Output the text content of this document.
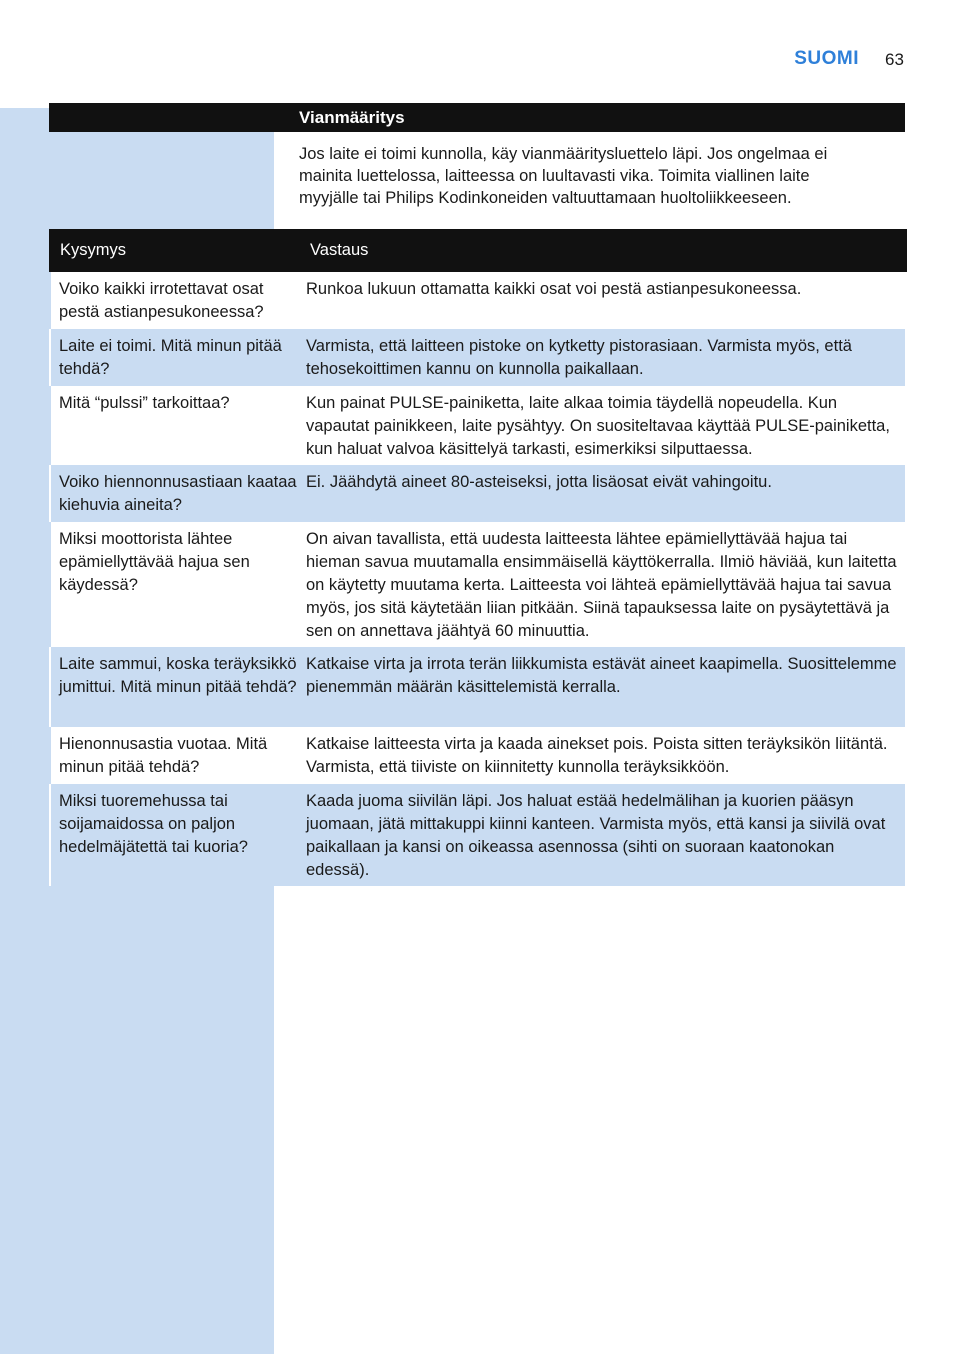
SUOMI 63
Vianmääritys
Jos laite ei toimi kunnolla, käy vianmääritysluettelo läpi. Jos ongelmaa ei mainita luettelossa, laitteessa on luultavasti vika. Toimita viallinen laite myyjälle tai Philips Kodinkoneiden valtuuttamaan huoltoliikkeeseen.
Kysymys	Vastaus
Voiko kaikki irrotettavat osat pestä astianpesukoneessa?
Runkoa lukuun ottamatta kaikki osat voi pestä astianpesukoneessa.
Laite ei toimi. Mitä minun pitää tehdä?
Varmista, että laitteen pistoke on kytketty pistorasiaan. Varmista myös, että tehosekoittimen kannu on kunnolla paikallaan.
Mitä “pulssi” tarkoittaa?	Kun painat PULSE-painiketta, laite alkaa toimia täydellä nopeudella. Kun vapautat painikkeen, laite pysähtyy. On suositeltavaa käyttää PULSE-painiketta, kun haluat valvoa käsittelyä tarkasti, esimerkiksi silputtaessa.
Voiko hiennonnusastiaan kaataa kiehuvia aineita?
Ei. Jäähdytä aineet 80-asteiseksi, jotta lisäosat eivät vahingoitu.
Miksi moottorista lähtee epämiellyttävää hajua sen käydessä?
On aivan tavallista, että uudesta laitteesta lähtee epämiellyttävää hajua tai hieman savua muutamalla ensimmäisellä käyttökerralla. Ilmiö häviää, kun laitetta on käytetty muutama kerta. Laitteesta voi lähteä epämiellyttävää hajua tai savua myös, jos sitä käytetään liian pitkään. Siinä tapauksessa laite on pysäytettävä ja sen on annettava jäähtyä 60 minuuttia.
Laite sammui, koska teräyksikkö jumittui. Mitä minun pitää tehdä?
Katkaise virta ja irrota terän liikkumista estävät aineet kaapimella. Suosittelemme pienemmän määrän käsittelemistä kerralla.
Hienonnusastia vuotaa. Mitä minun pitää tehdä?
Katkaise laitteesta virta ja kaada ainekset pois. Poista sitten teräyksikön liitäntä. Varmista, että tiiviste on kiinnitetty kunnolla teräyksikköön.
Miksi tuoremehussa tai soijamaidossa on paljon hedelmäjätettä tai kuoria?
Kaada juoma siivilän läpi. Jos haluat estää hedelmälihan ja kuorien pääsyn juomaan, jätä mittakuppi kiinni kanteen. Varmista myös, että kansi ja siivilä ovat paikallaan ja kansi on oikeassa asennossa (sihti on suoraan kaatonokan edessä).
